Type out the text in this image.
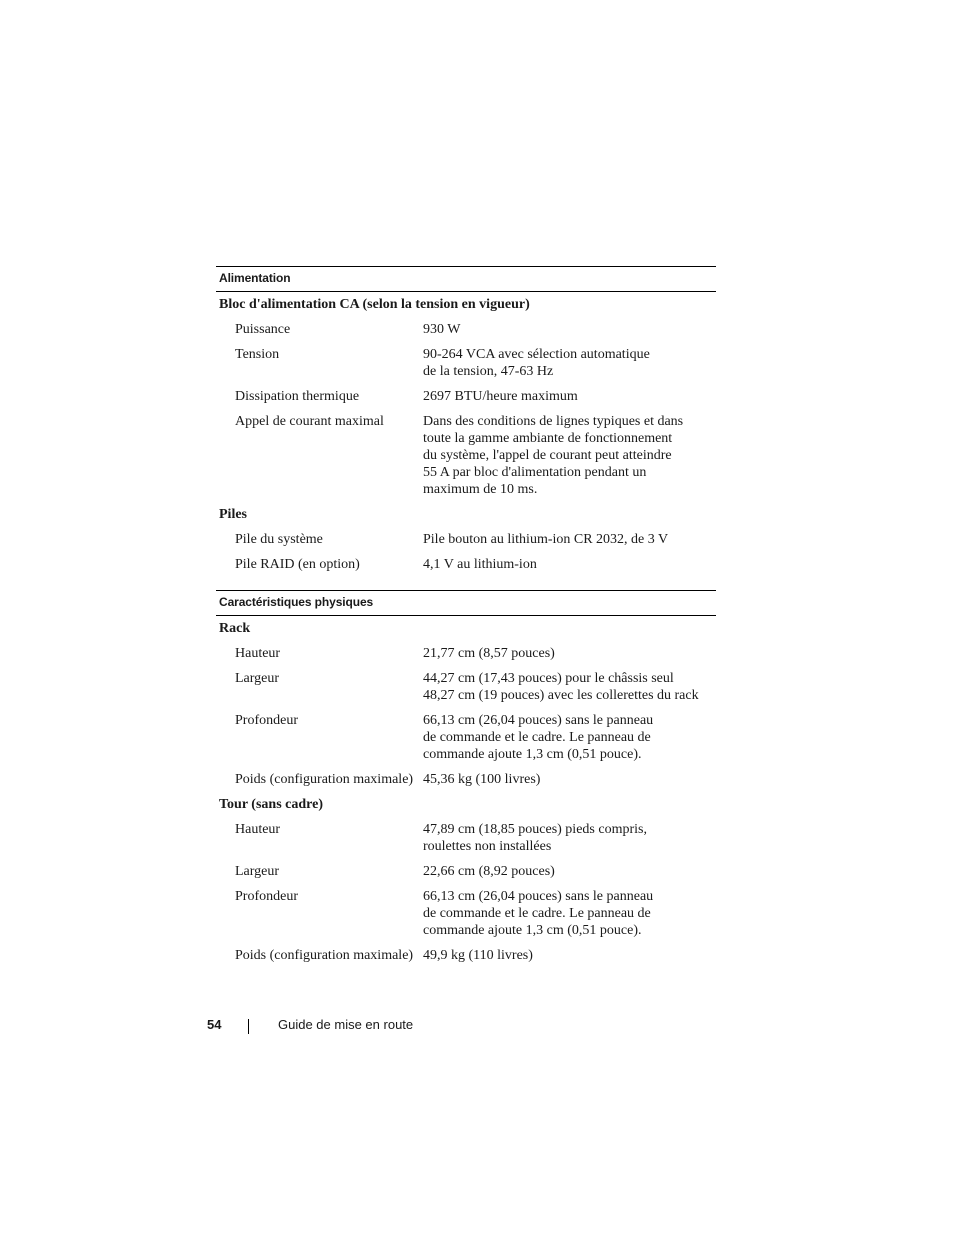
Alimentation
Bloc d'alimentation CA (selon la tension en vigueur)
Puissance	930 W
Tension	90-264 VCA avec sélection automatique
de la tension, 47-63 Hz
Dissipation thermique	2697 BTU/heure maximum
Appel de courant maximal	Dans des conditions de lignes typiques et dans
toute la gamme ambiante de fonctionnement
du système, l'appel de courant peut atteindre
55 A par bloc d'alimentation pendant un
maximum de 10 ms.
Piles
Pile du système	Pile bouton au lithium-ion CR 2032, de 3 V
Pile RAID (en option)	4,1 V au lithium-ion
Caractéristiques physiques
Rack
Hauteur	21,77 cm (8,57 pouces)
Largeur	44,27 cm (17,43 pouces) pour le châssis seul
48,27 cm (19 pouces) avec les collerettes du rack
Profondeur	66,13 cm (26,04 pouces) sans le panneau
de commande et le cadre. Le panneau de
commande ajoute 1,3 cm (0,51 pouce).
Poids (configuration maximale) 45,36 kg (100 livres)
Tour (sans cadre)
Hauteur	47,89 cm (18,85 pouces) pieds compris,
roulettes non installées
Largeur	22,66 cm (8,92 pouces)
Profondeur	66,13 cm (26,04 pouces) sans le panneau
de commande et le cadre. Le panneau de
commande ajoute 1,3 cm (0,51 pouce).
Poids (configuration maximale) 49,9 kg (110 livres)
54	Guide de mise en route
